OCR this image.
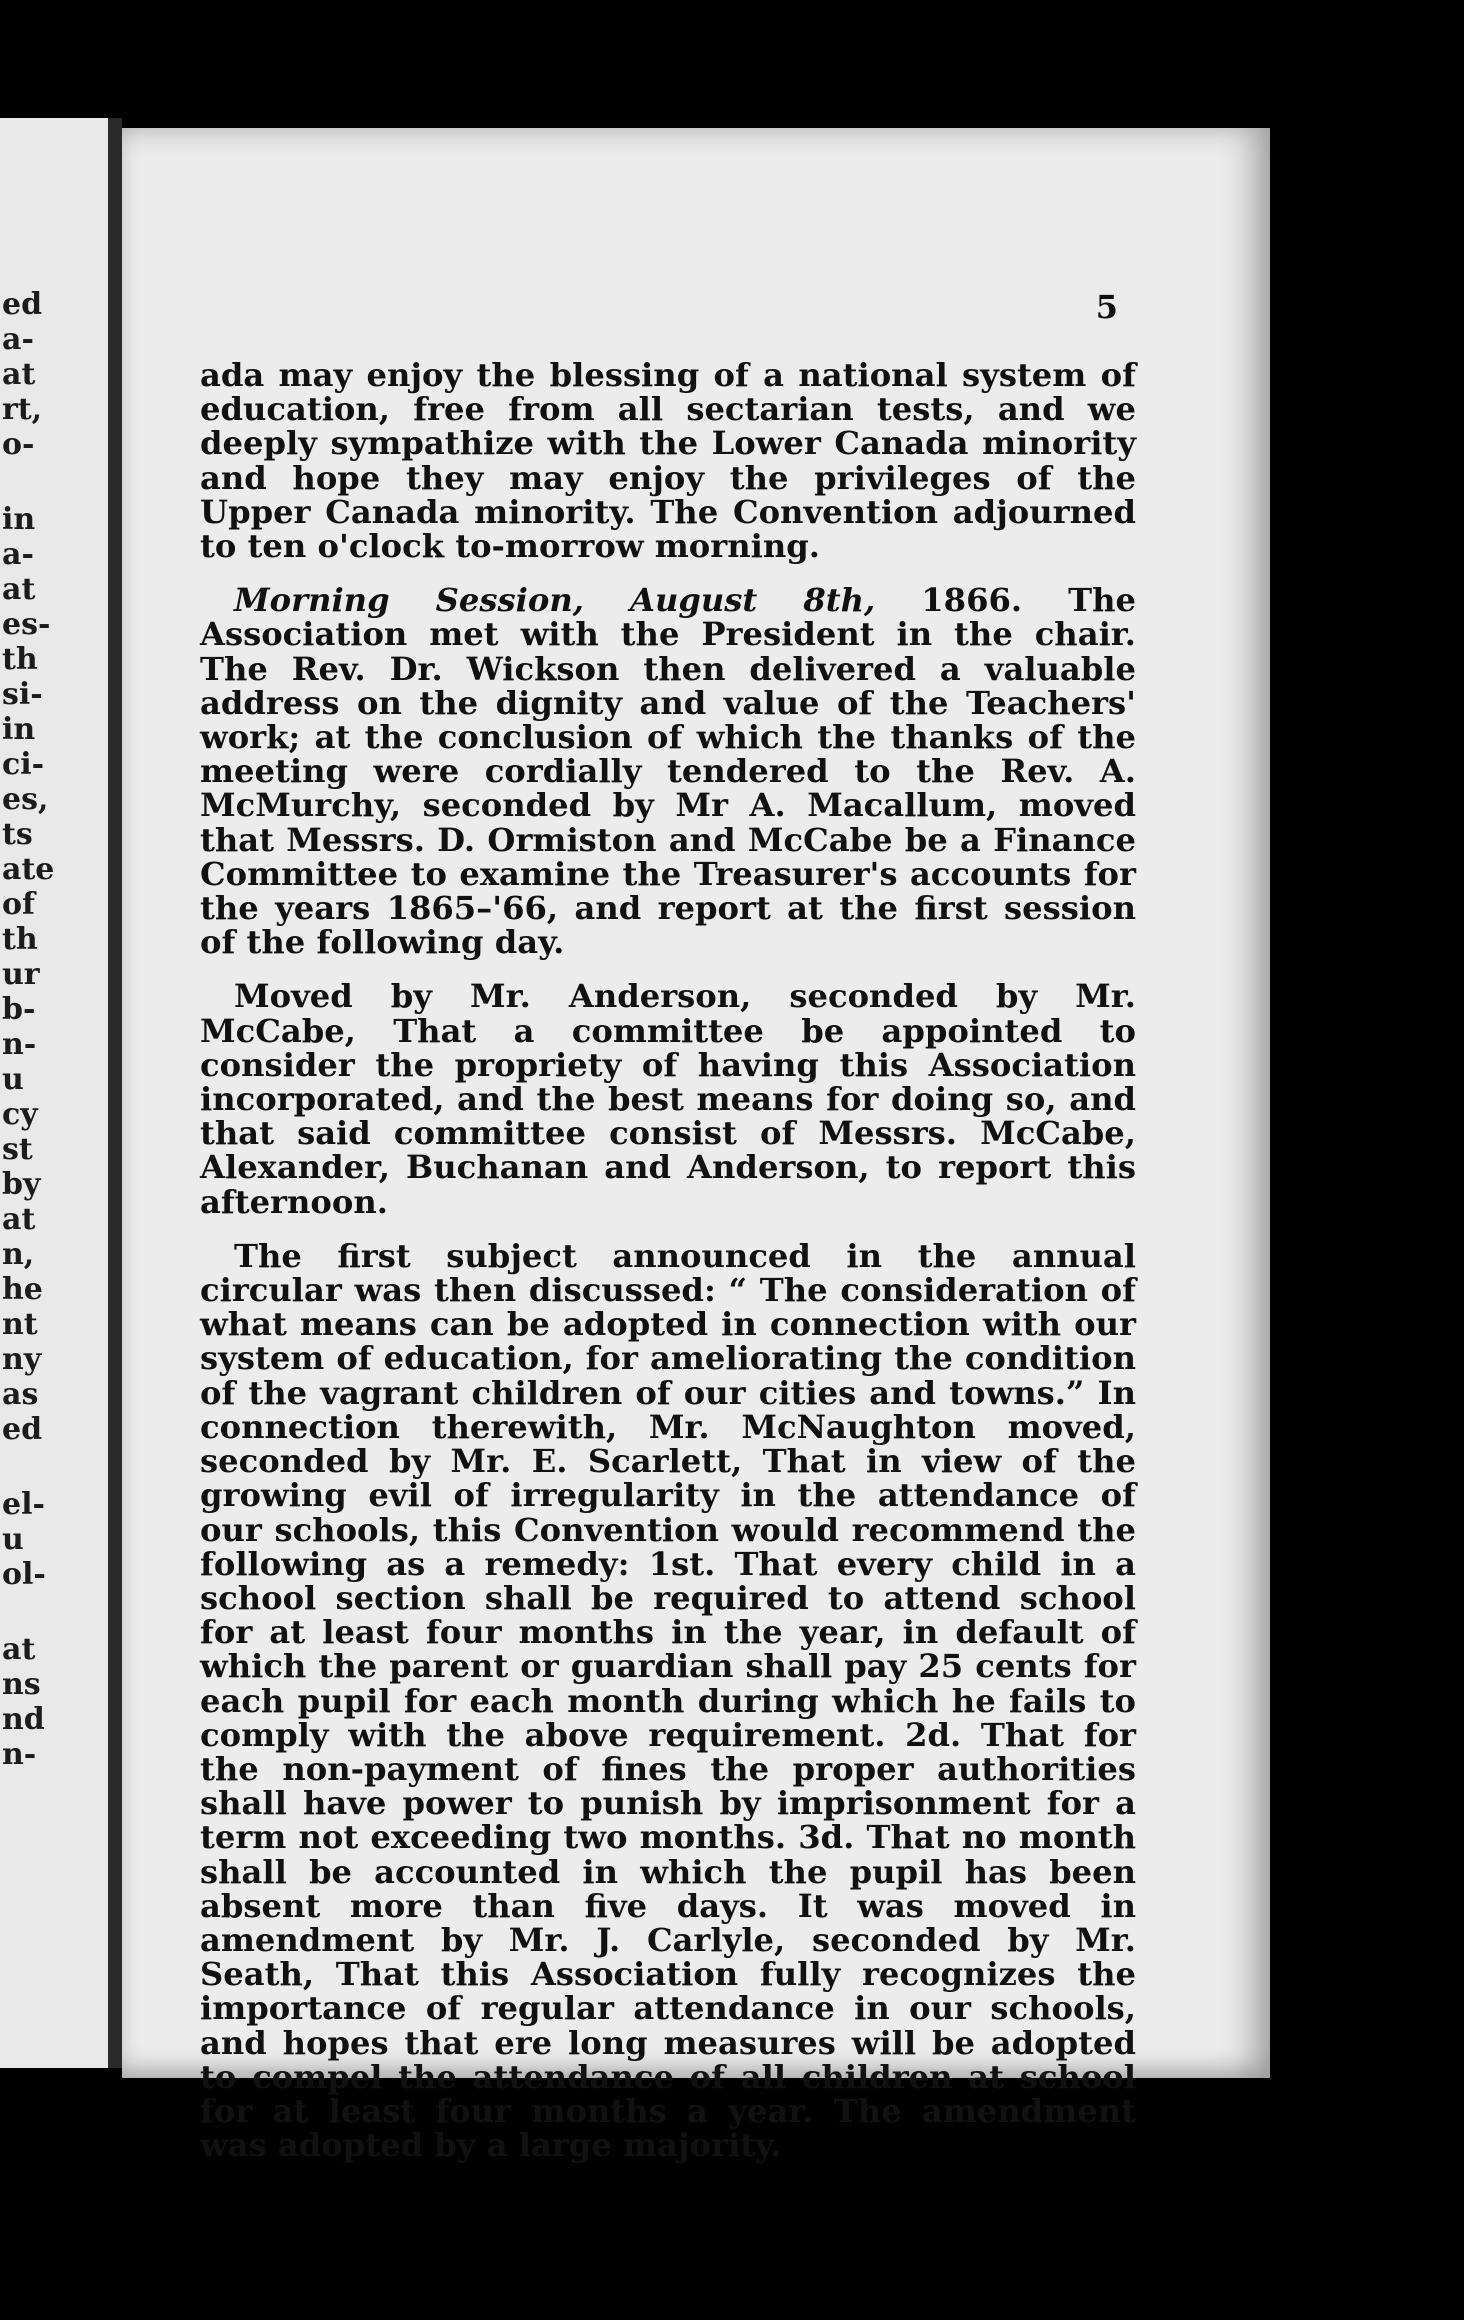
ed
a-
at
rt,
o-
in
a-
at
es-
th
si-
in
ci-
es,
ts
ate
of
th
ur
b-
n-
u
cy
st
by
at
n,
he
nt
ny
as
ed
el-
u
ol-
at
ns
nd
n-
5

ada may enjoy the blessing of a national system of education, free from all sectarian tests, and we deeply sympathize with the Lower Canada minority and hope they may enjoy the privileges of the Upper Canada minority. The Convention adjourned to ten o'clock to-morrow morning.

Morning Session, August 8th, 1866. The Association met with the President in the chair. The Rev. Dr. Wickson then delivered a valuable address on the dignity and value of the Teachers' work; at the conclusion of which the thanks of the meeting were cordially tendered to the Rev. A. McMurchy, seconded by Mr A. Macallum, moved that Messrs. D. Ormiston and McCabe be a Finance Committee to examine the Treasurer's accounts for the years 1865–'66, and report at the first session of the following day.

Moved by Mr. Anderson, seconded by Mr. McCabe, That a committee be appointed to consider the propriety of having this Association incorporated, and the best means for doing so, and that said committee consist of Messrs. McCabe, Alexander, Buchanan and Anderson, to report this afternoon.

The first subject announced in the annual circular was then discussed: “ The consideration of what means can be adopted in connection with our system of education, for ameliorating the condition of the vagrant children of our cities and towns.” In connection therewith, Mr. McNaughton moved, seconded by Mr. E. Scarlett, That in view of the growing evil of irregularity in the attendance of our schools, this Convention would recommend the following as a remedy: 1st. That every child in a school section shall be required to attend school for at least four months in the year, in default of which the parent or guardian shall pay 25 cents for each pupil for each month during which he fails to comply with the above requirement. 2d. That for the non-payment of fines the proper authorities shall have power to punish by imprisonment for a term not exceeding two months. 3d. That no month shall be accounted in which the pupil has been absent more than five days. It was moved in amendment by Mr. J. Carlyle, seconded by Mr. Seath, That this Association fully recognizes the importance of regular attendance in our schools, and hopes that ere long measures will be adopted to compel the attendance of all children at school for at least four months a year. The amendment was adopted by a large majority.
